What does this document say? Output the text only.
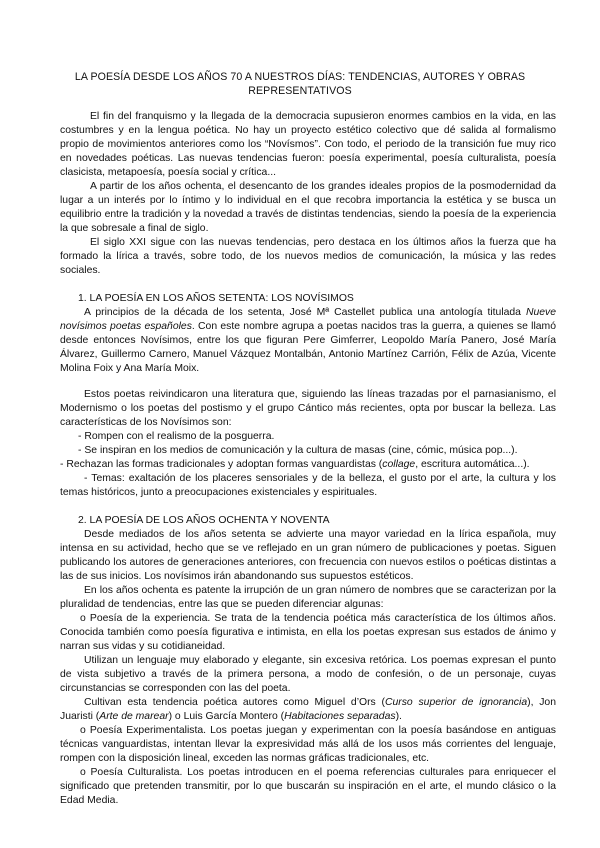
LA POESÍA DESDE LOS AÑOS 70 A NUESTROS DÍAS: TENDENCIAS, AUTORES Y OBRAS REPRESENTATIVOS

El fin del franquismo y la llegada de la democracia supusieron enormes cambios en la vida, en las costumbres y en la lengua poética. No hay un proyecto estético colectivo que dé salida al formalismo propio de movimientos anteriores como los “Novísmos”. Con todo, el periodo de la transición fue muy rico en novedades poéticas. Las nuevas tendencias fueron: poesía experimental, poesía culturalista, poesía clasicista, metapoesía, poesía social y crítica...

A partir de los años ochenta, el desencanto de los grandes ideales propios de la posmodernidad da lugar a un interés por lo íntimo y lo individual en el que recobra importancia la estética y se busca un equilibrio entre la tradición y la novedad a través de distintas tendencias, siendo la poesía de la experiencia la que sobresale a final de siglo.

El siglo XXI sigue con las nuevas tendencias, pero destaca en los últimos años la fuerza que ha formado la lírica a través, sobre todo, de los nuevos medios de comunicación, la música y las redes sociales.

1. LA POESÍA EN LOS AÑOS SETENTA: LOS NOVÍSIMOS

A principios de la década de los setenta, José Mª Castellet publica una antología titulada Nueve novísimos poetas españoles. Con este nombre agrupa a poetas nacidos tras la guerra, a quienes se llamó desde entonces Novísimos, entre los que figuran Pere Gimferrer, Leopoldo María Panero, José María Álvarez, Guillermo Carnero, Manuel Vázquez Montalbán, Antonio Martínez Carrión, Félix de Azúa, Vicente Molina Foix y Ana María Moix.

Estos poetas reivindicaron una literatura que, siguiendo las líneas trazadas por el parnasianismo, el Modernismo o los poetas del postismo y el grupo Cántico más recientes, opta por buscar la belleza. Las características de los Novísimos son:

- Rompen con el realismo de la posguerra.

- Se inspiran en los medios de comunicación y la cultura de masas (cine, cómic, música pop...).

- Rechazan las formas tradicionales y adoptan formas vanguardistas (collage, escritura automática...).

- Temas: exaltación de los placeres sensoriales y de la belleza, el gusto por el arte, la cultura y los temas históricos, junto a preocupaciones existenciales y espirituales.

2. LA POESÍA DE LOS AÑOS OCHENTA Y NOVENTA

Desde mediados de los años setenta se advierte una mayor variedad en la lírica española, muy intensa en su actividad, hecho que se ve reflejado en un gran número de publicaciones y poetas. Siguen publicando los autores de generaciones anteriores, con frecuencia con nuevos estilos o poéticas distintas a las de sus inicios. Los novísimos irán abandonando sus supuestos estéticos.

En los años ochenta es patente la irrupción de un gran número de nombres que se caracterizan por la pluralidad de tendencias, entre las que se pueden diferenciar algunas:

o Poesía de la experiencia. Se trata de la tendencia poética más característica de los últimos años. Conocida también como poesía figurativa e intimista, en ella los poetas expresan sus estados de ánimo y narran sus vidas y su cotidianeidad.

Utilizan un lenguaje muy elaborado y elegante, sin excesiva retórica. Los poemas expresan el punto de vista subjetivo a través de la primera persona, a modo de confesión, o de un personaje, cuyas circunstancias se corresponden con las del poeta.

Cultivan esta tendencia poética autores como Miguel d’Ors (Curso superior de ignorancia), Jon Juaristi (Arte de marear) o Luis García Montero (Habitaciones separadas).

o Poesía Experimentalista. Los poetas juegan y experimentan con la poesía basándose en antiguas técnicas vanguardistas, intentan llevar la expresividad más allá de los usos más corrientes del lenguaje, rompen con la disposición lineal, exceden las normas gráficas tradicionales, etc.

o Poesía Culturalista. Los poetas introducen en el poema referencias culturales para enriquecer el significado que pretenden transmitir, por lo que buscarán su inspiración en el arte, el mundo clásico o la Edad Media.
